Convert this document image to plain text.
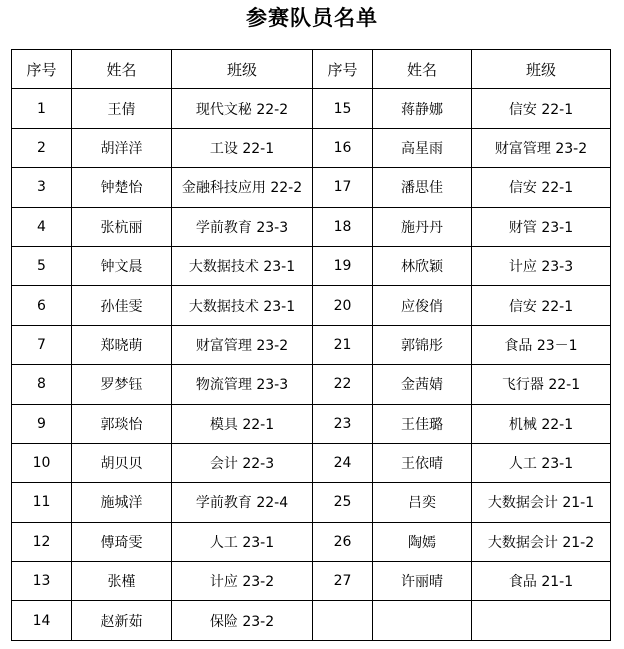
参赛队员名单
序号	姓名	班级	序号	姓名	班级
1	王倩	现代文秘 22-2	15	蒋静娜	信安 22-1
2	胡洋洋	工设 22-1	16	高星雨	财富管理 23-2
3	钟楚怡	金融科技应用 22-2	17	潘思佳	信安 22-1
4	张杭丽	学前教育 23-3	18	施丹丹	财管 23-1
5	钟文晨	大数据技术 23-1	19	林欣颖	计应 23-3
6	孙佳雯	大数据技术 23-1	20	应俊俏	信安 22-1
7	郑晓萌	财富管理 23-2	21	郭锦彤	食品 23－1
8	罗梦钰	物流管理 23-3	22	金茜婧	飞行器 22-1
9	郭琰怡	模具 22-1	23	王佳璐	机械 22-1
10	胡贝贝	会计 22-3	24	王依晴	人工 23-1
11	施城洋	学前教育 22-4	25	吕奕	大数据会计 21-1
12	傅琦雯	人工 23-1	26	陶嫣	大数据会计 21-2
13	张槿	计应 23-2	27	许丽晴	食品 21-1
14	赵新茹	保险 23-2			
